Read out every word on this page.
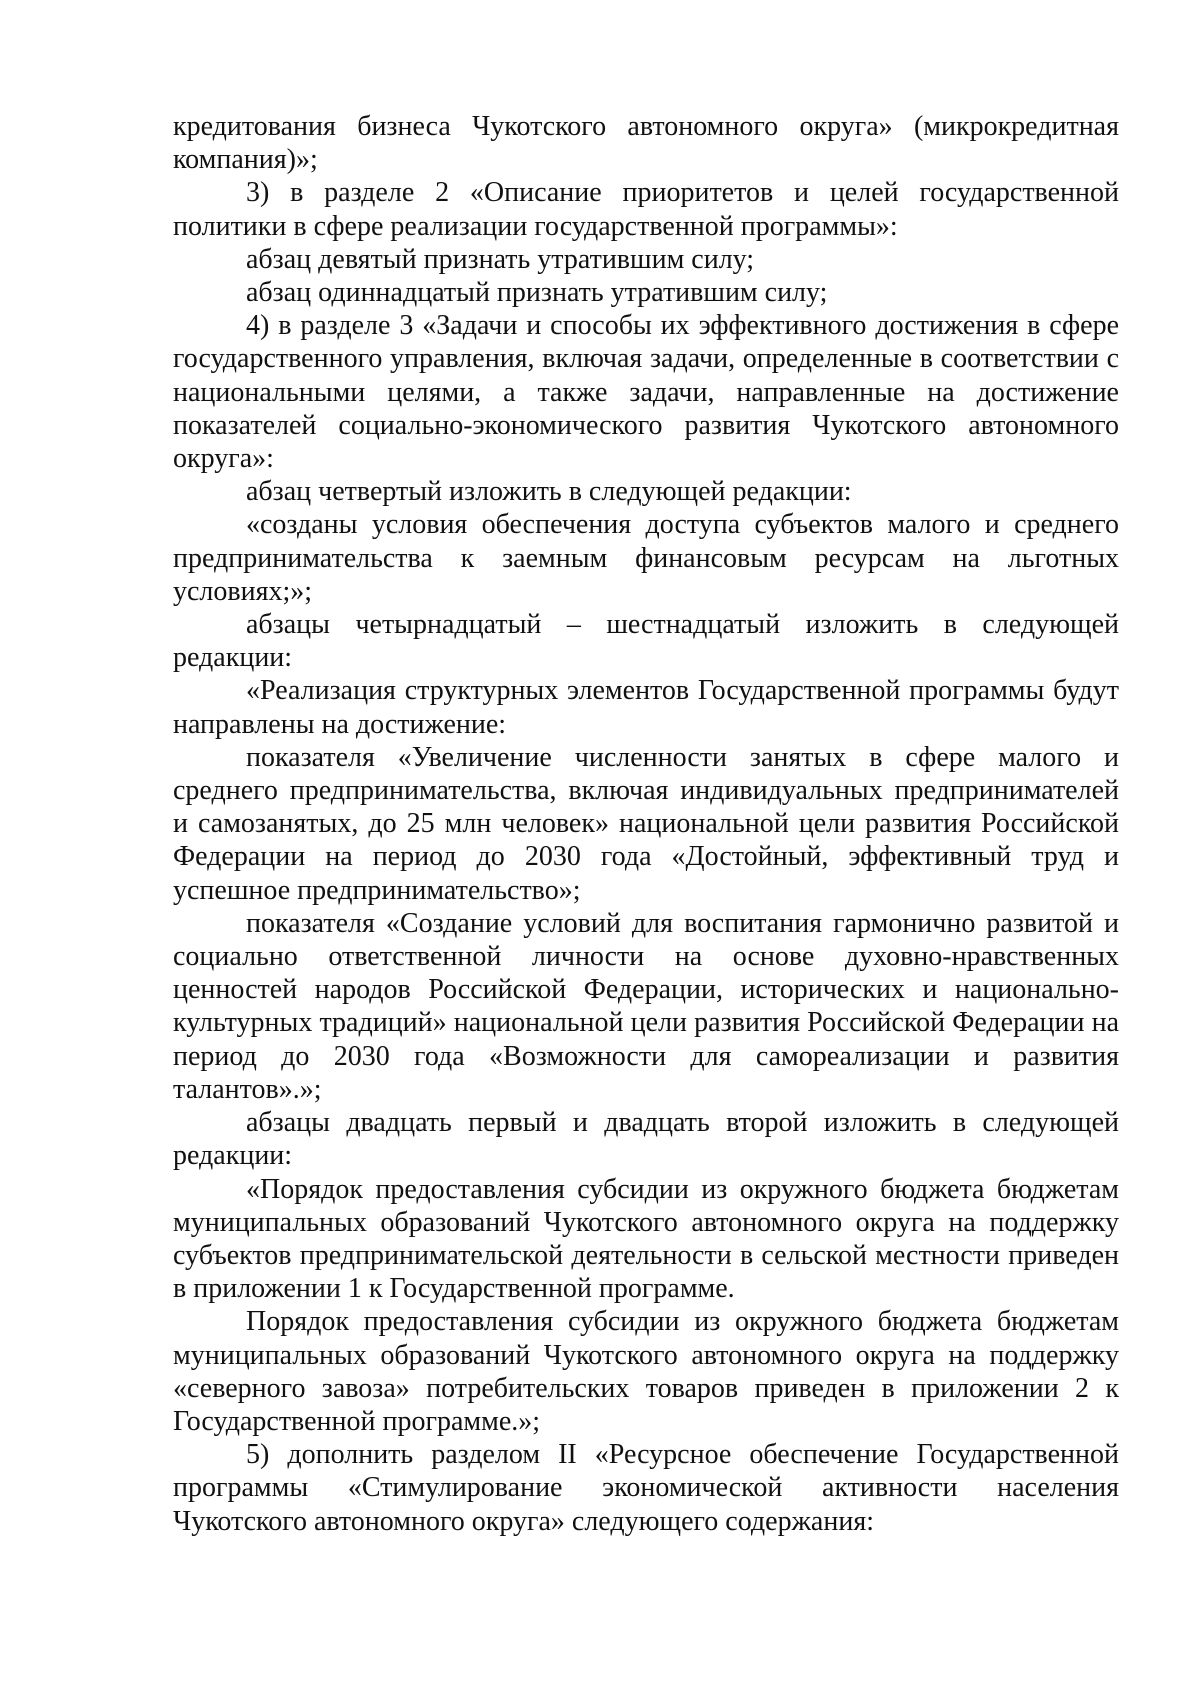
кредитования бизнеса Чукотского автономного округа» (микрокредитная компания)»;

3) в разделе 2 «Описание приоритетов и целей государственной политики в сфере реализации государственной программы»:

абзац девятый признать утратившим силу;

абзац одиннадцатый признать утратившим силу;

4) в разделе 3 «Задачи и способы их эффективного достижения в сфере государственного управления, включая задачи, определенные в соответствии с национальными целями, а также задачи, направленные на достижение показателей социально-экономического развития Чукотского автономного округа»:

абзац четвертый изложить в следующей редакции:

«созданы условия обеспечения доступа субъектов малого и среднего предпринимательства к заемным финансовым ресурсам на льготных условиях;»;

абзацы четырнадцатый – шестнадцатый изложить в следующей редакции:

«Реализация структурных элементов Государственной программы будут направлены на достижение:

показателя «Увеличение численности занятых в сфере малого и среднего предпринимательства, включая индивидуальных предпринимателей и самозанятых, до 25 млн человек» национальной цели развития Российской Федерации на период до 2030 года «Достойный, эффективный труд и успешное предпринимательство»;

показателя «Создание условий для воспитания гармонично развитой и социально ответственной личности на основе духовно-нравственных ценностей народов Российской Федерации, исторических и национально-культурных традиций» национальной цели развития Российской Федерации на период до 2030 года «Возможности для самореализации и развития талантов».»;

абзацы двадцать первый и двадцать второй изложить в следующей редакции:

«Порядок предоставления субсидии из окружного бюджета бюджетам муниципальных образований Чукотского автономного округа на поддержку субъектов предпринимательской деятельности в сельской местности приведен в приложении 1 к Государственной программе.

Порядок предоставления субсидии из окружного бюджета бюджетам муниципальных образований Чукотского автономного округа на поддержку «северного завоза» потребительских товаров приведен в приложении 2 к Государственной программе.»;

5) дополнить разделом II «Ресурсное обеспечение Государственной программы «Стимулирование экономической активности населения Чукотского автономного округа» следующего содержания:
